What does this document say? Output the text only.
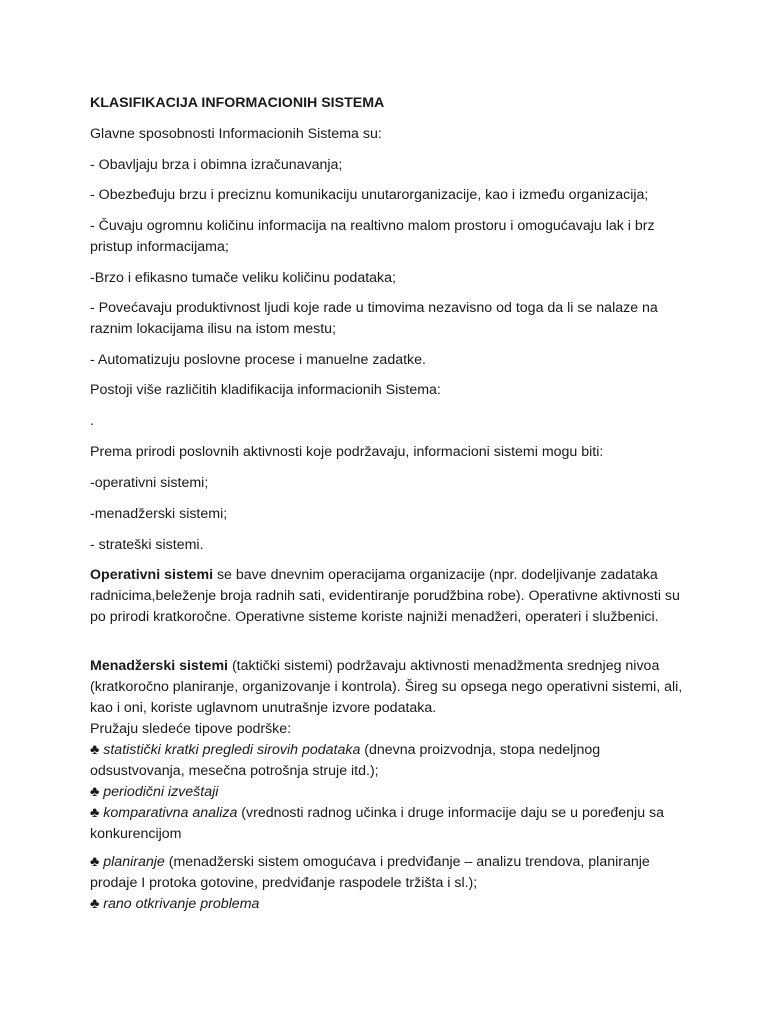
KLASIFIKACIJA INFORMACIONIH SISTEMA

Glavne sposobnosti Informacionih Sistema su:

- Obavljaju brza i obimna izračunavanja;

- Obezbeđuju brzu i preciznu komunikaciju unutarorganizacije, kao i između organizacija;

- Čuvaju ogromnu količinu informacija na realtivno malom prostoru i omogućavaju lak i brz
pristup informacijama;

-Brzo i efikasno tumače veliku količinu podataka;

- Povećavaju produktivnost ljudi koje rade u timovima nezavisno od toga da li se nalaze na
raznim lokacijama ilisu na istom mestu;

- Automatizuju poslovne procese i manuelne zadatke.

Postoji više različitih kladifikacija informacionih Sistema:

.

Prema prirodi poslovnih aktivnosti koje podržavaju, informacioni sistemi mogu biti:

-operativni sistemi;

-menadžerski sistemi;

- strateški sistemi.

Operativni sistemi se bave dnevnim operacijama organizacije (npr. dodeljivanje zadataka
radnicima,beleženje broja radnih sati, evidentiranje porudžbina robe). Operativne aktivnosti su
po prirodi kratkoročne. Operativne sisteme koriste najniži menadžeri, operateri i službenici.

Menadžerski sistemi (taktički sistemi) podržavaju aktivnosti menadžmenta srednjeg nivoa
(kratkoročno planiranje, organizovanje i kontrola). Šireg su opsega nego operativni sistemi, ali,
kao i oni, koriste uglavnom unutrašnje izvore podataka.
Pružaju sledeće tipove podrške:
♣ statistički kratki pregledi sirovih podataka (dnevna proizvodnja, stopa nedeljnog
odsustvovanja, mesečna potrošnja struje itd.);
♣ periodični izveštaji
♣ komparativna analiza (vrednosti radnog učinka i druge informacije daju se u poređenju sa
konkurencijom

♣ planiranje (menadžerski sistem omogućava i predviđanje – analizu trendova, planiranje
prodaje I protoka gotovine, predviđanje raspodele tržišta i sl.);
♣ rano otkrivanje problema
